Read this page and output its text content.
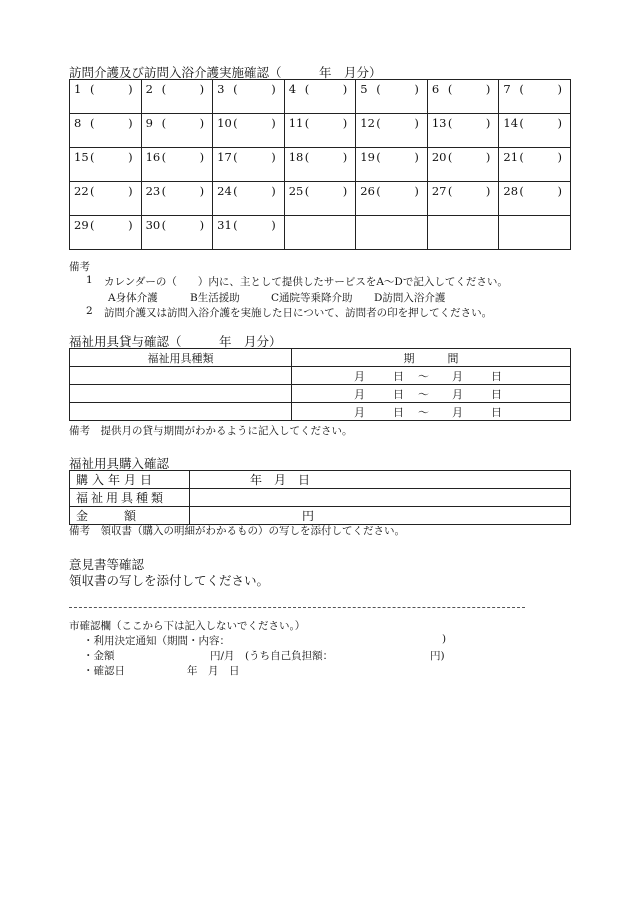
訪問介護及び訪問入浴介護実施確認（　　　年　月分）
1 ( )	2 ( )	3 ( )	4 ( )	5 ( )	6 ( )	7 ( )

8 ( )	9 ( )	10 ( )	11 ( )	12 ( )	13 ( )	14 ( )

15 ( )	16 ( )	17 ( )	18 ( )	19 ( )	20 ( )	21 ( )

22 ( )	23 ( )	24 ( )	25 ( )	26 ( )	27 ( )	28 ( )

29 ( )	30 ( )	31 ( )				

備考
1 カレンダーの（　　）内に、主として提供したサービスをA～Dで記入してください。
A身体介護	B生活援助	C通院等乗降介助 D訪問入浴介護
2 訪問介護又は訪問入浴介護を実施した日について、訪問者の印を押してください。
福祉用具貸与確認（　　　年　月分）
福祉用具種類	期　　　間

	月 日 ～ 月 日

	月 日 ～ 月 日

	月 日 ～ 月 日
備考　提供月の貸与期間がわかるように記入してください。
福祉用具購入確認
購入年月日	年　月　日
福祉用具種類	
金　　　額	円
備考　領収書（購入の明細がわかるもの）の写しを添付してください。
意見書等確認
領収書の写しを添付してください。
市確認欄（ここから下は記入しないでください。）
・利用決定通知（期間・内容：	)
・金額	円/月　(うち自己負担額：	円)
・確認日	年　月　日
